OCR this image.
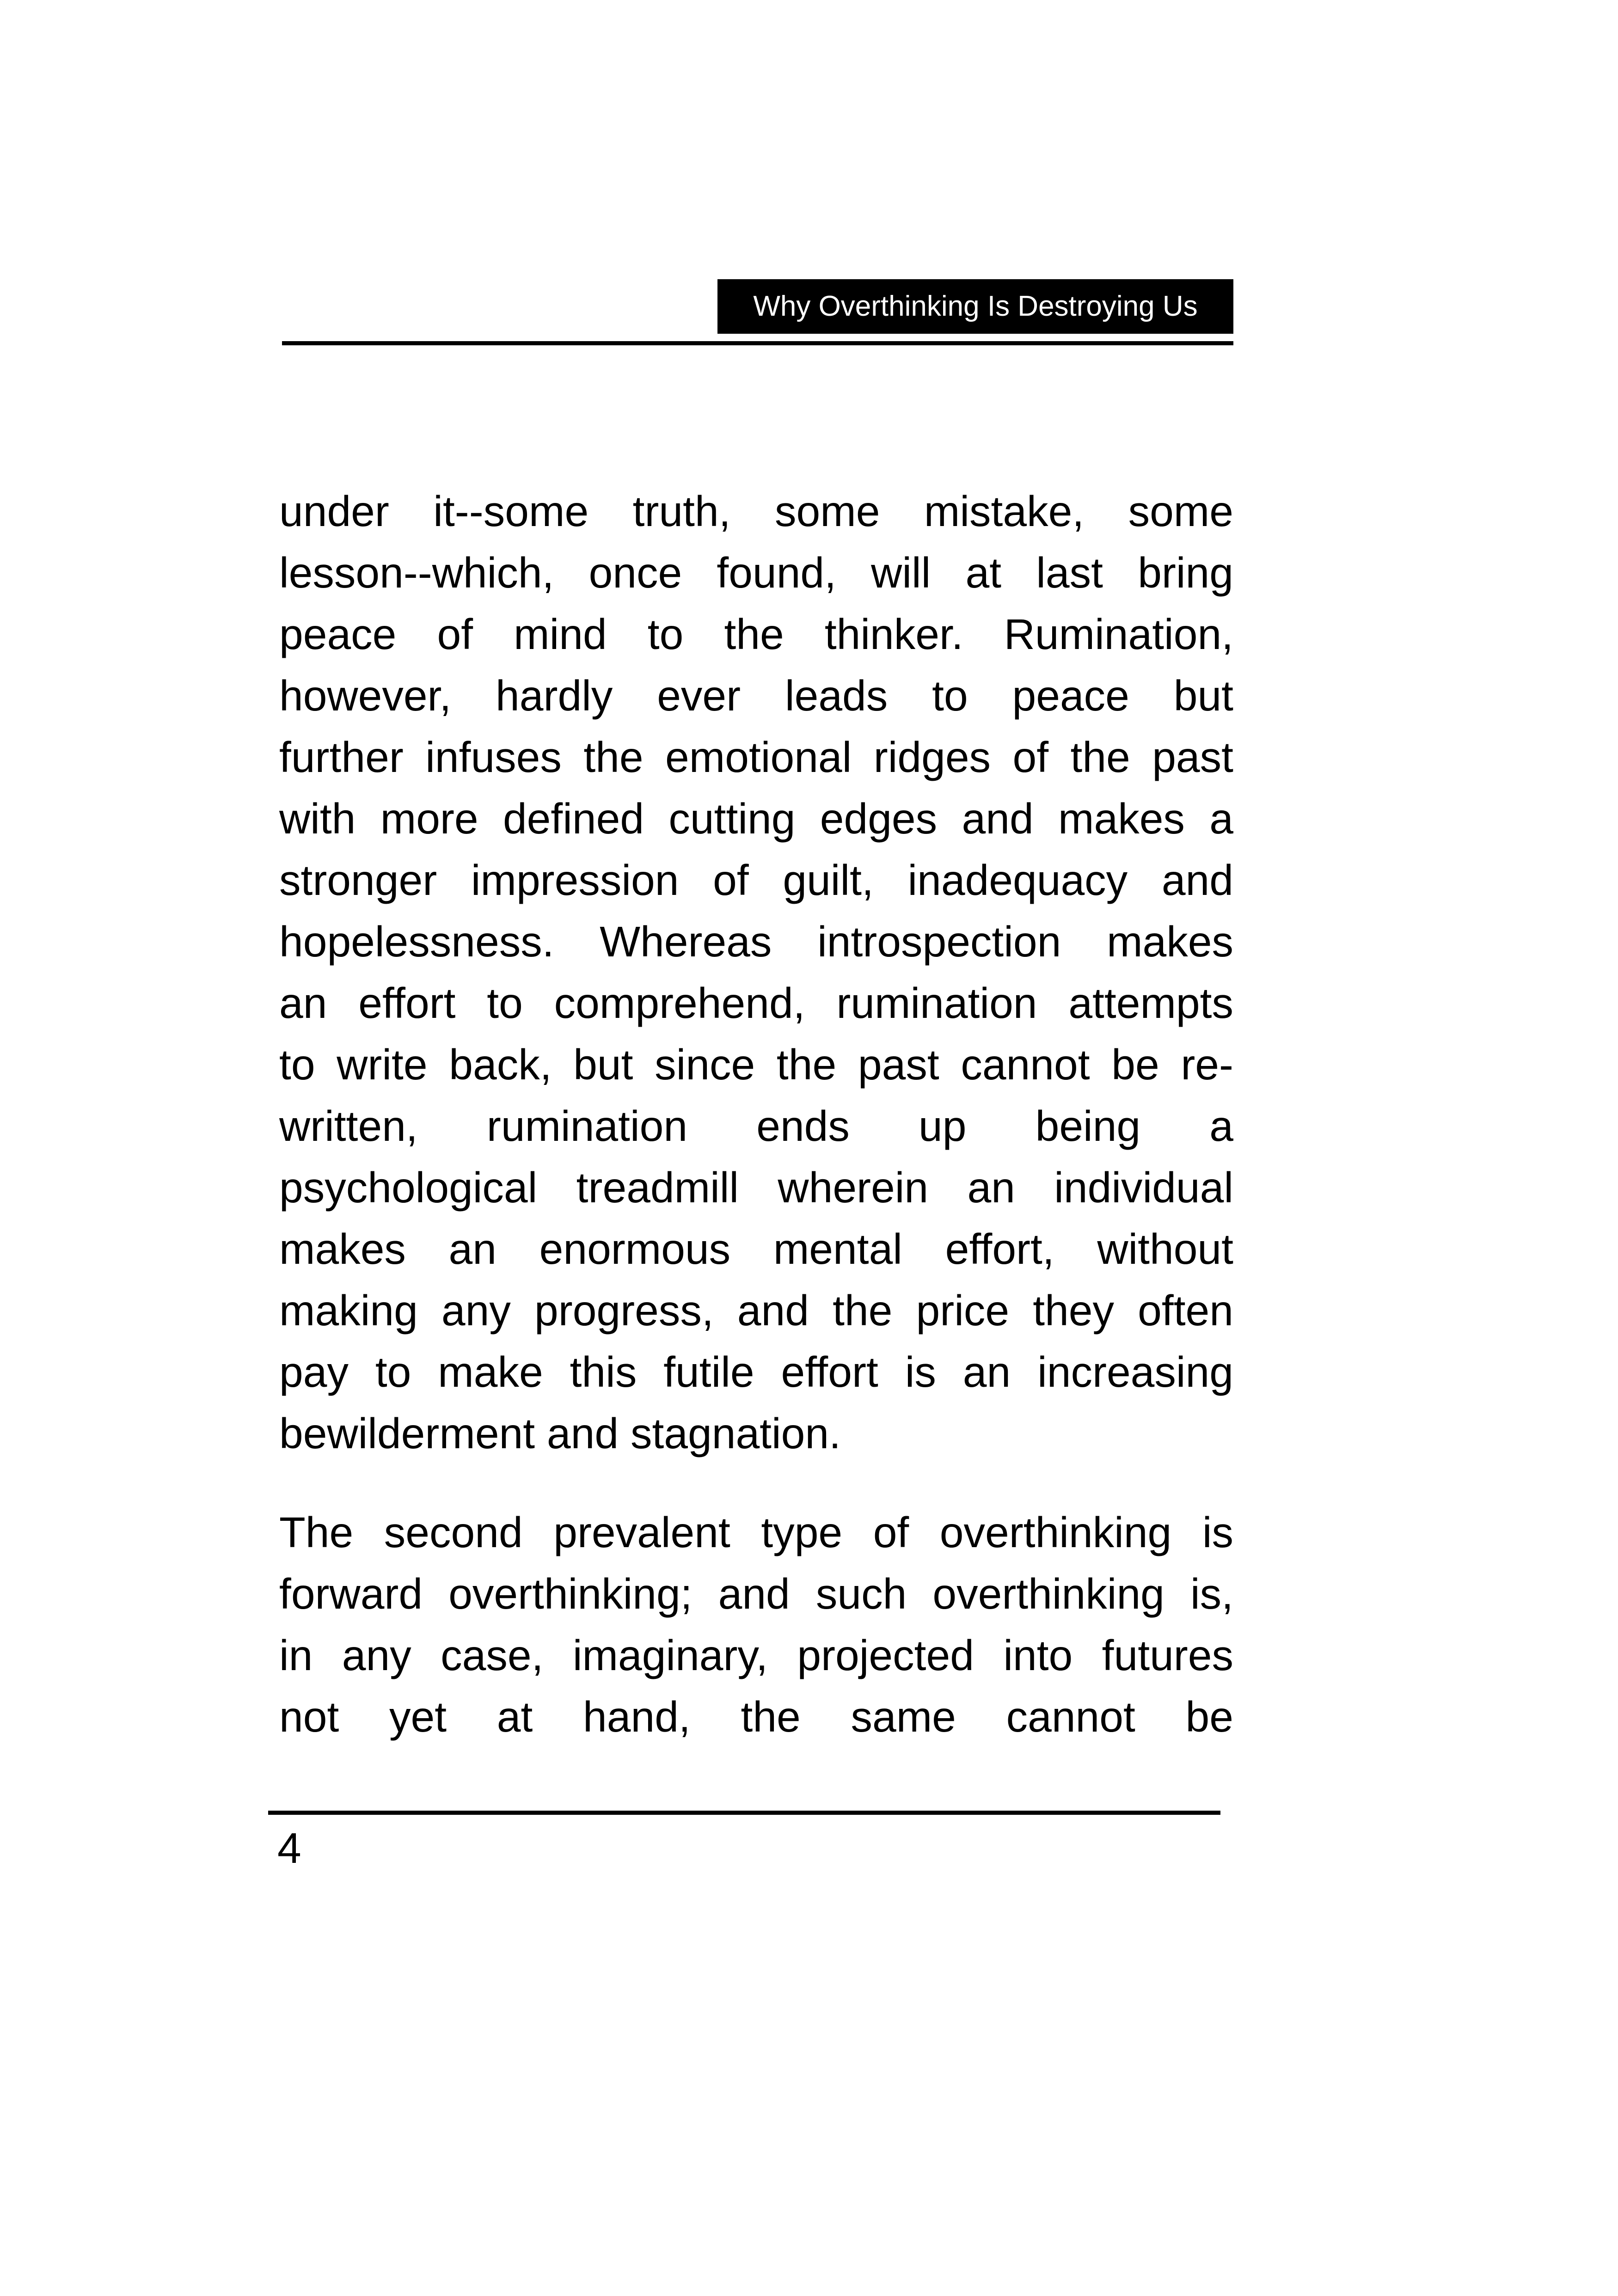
Why Overthinking Is Destroying Us
under it--some truth, some mistake, some
lesson--which, once found, will at last bring
peace of mind to the thinker. Rumination,
however, hardly ever leads to peace but
further infuses the emotional ridges of the past
with more defined cutting edges and makes a
stronger impression of guilt, inadequacy and
hopelessness. Whereas introspection makes
an effort to comprehend, rumination attempts
to write back, but since the past cannot be re-
written, rumination ends up being a
psychological treadmill wherein an individual
makes an enormous mental effort, without
making any progress, and the price they often
pay to make this futile effort is an increasing
bewilderment and stagnation.
The second prevalent type of overthinking is
forward overthinking; and such overthinking is,
in any case, imaginary, projected into futures
not yet at hand, the same cannot be
4
